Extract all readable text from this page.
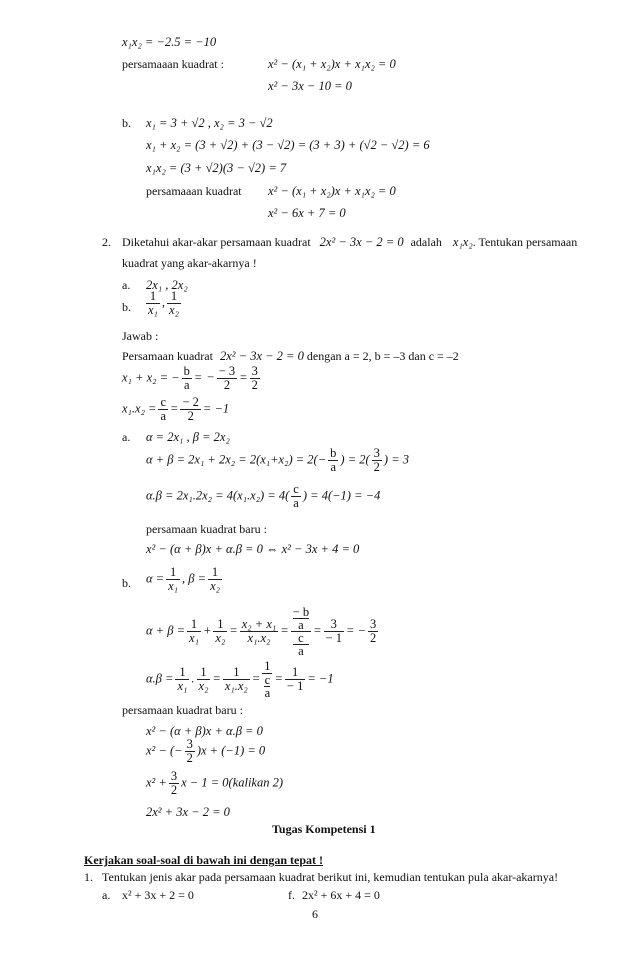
x₁x₂ = −2.5 = −10
persamaaan kuadrat :	x² − (x₁ + x₂)x + x₁x₂ = 0
x² − 3x − 10 = 0
b. x₁ = 3 + √2 , x₂ = 3 − √2
x₁ + x₂ = (3 + √2) + (3 − √2) = (3 + 3) + (√2 − √2) = 6
x₁x₂ = (3 + √2)(3 − √2) = 7
persamaaan kuadrat x² − (x₁ + x₂)x + x₁x₂ = 0
x² − 6x + 7 = 0
2. Diketahui akar-akar persamaan kuadrat 2x² − 3x − 2 = 0 adalah x₁x₂. Tentukan persamaan
kuadrat yang akar-akarnya !
a. 2x₁ , 2x₂
b. $\frac{1}{\text{x₁}}$ , $\frac{1}{\text{x₂}}$
Jawab :
Persamaan kuadrat 2x² − 3x − 2 = 0 dengan a = 2, b = –3 dan c = –2
x₁ + x₂ = − $\frac{b}{a}$ = − $\frac{- 3}{2} = \frac{3}{2}$
$x_1.x_2 = \frac{c}{a} = \frac{- 2}{2} = -1$
a. α = 2x₁ , β = 2x₂
$\alpha + \beta = 2x_1 + 2x_2 = 2(x_1+x_2) = 2(- \frac{b}{a}$ ) = $2( \frac{3}{2}$ ) = 3
$\alpha.\beta = 2x_1.2x_2 = 4(x_1.x_2) = 4( \frac{c}{a}$ ) = 4(−1) = −4
persamaan kuadrat baru :
x² − (α + β)x + α.β = 0 ⇔ x² − 3x + 4 = 0
b. $\alpha = \frac{1}{\text{x₁}}$ , $\beta = \frac{1}{\text{x₂}}$
$\alpha + \beta = \frac{1}{\text{x₁}} + \frac{1}{\text{x₂}} = \frac{\text{x₂ + x₁}}{\text{x₁.x₂}}$ = − b
a
c
$a = \frac{3}{- 1}$ = − $\frac{3}{2}$
$\alpha.\beta = \frac{1}{\text{x₁}}$ . $\frac{1}{\text{x₂}} = \frac{1}{\text{x₁.x₂}} = 1$
c
$a = \frac{1}{- 1} = -1$
persamaan kuadrat baru :
x² − (α + β)x + α.β = 0
x² − (− $\frac{3}{2} )x + (-1) = 0$
$x^2 + \frac{3}{2}$ x − 1 = 0(kalikan 2)
2x² + 3x − 2 = 0
Tugas Kompetensi 1
Kerjakan soal-soal di bawah ini dengan tepat !
1. Tentukan jenis akar pada persamaan kuadrat berikut ini, kemudian tentukan pula akar-akarnya!
a. x² + 3x + 2 = 0	f. 2x² + 6x + 4 = 0
6
